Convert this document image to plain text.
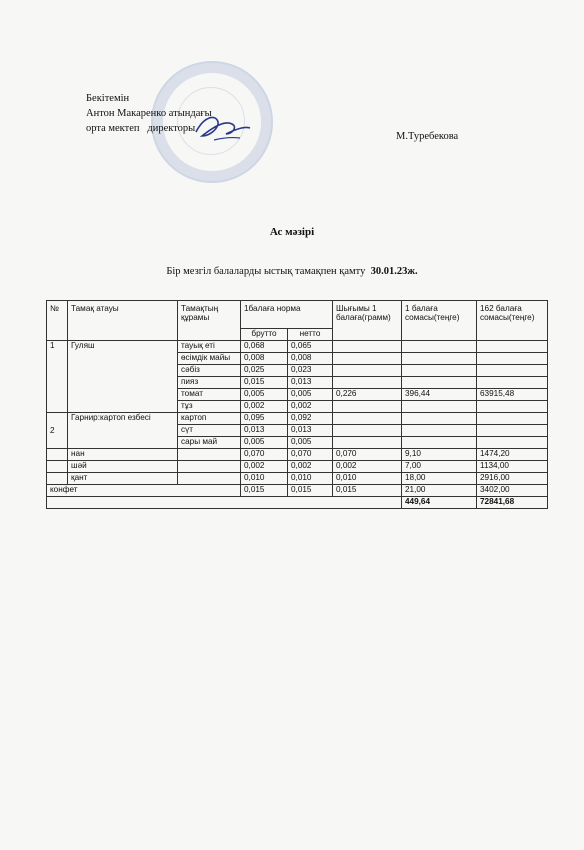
Бекітемін
Антон Макаренко атындағы
орта мектеп директоры
М.Туребекова
Ас мәзірі
Бір мезгіл балаларды ыстық тамақпен қамту 30.01.23ж.
№	Тамақ атауы	Тамақтың құрамы	1балаға норма		Шығымы 1 балаға(грамм)	1 балаға сомасы(теңге)	162 балаға сомасы(теңге)
			брутто	нетто			
1	Гуляш	тауық еті	0,068	0,065			
		өсімдік майы	0,008	0,008			
		сәбіз	0,025	0,023			
		пияз	0,015	0,013			
		томат	0,005	0,005	0,226	396,44	63915,48
		тұз	0,002	0,002			
2	Гарнир:картоп езбесі	картоп	0,095	0,092			
		сүт	0,013	0,013			
		сары май	0,005	0,005			
	нан		0,070	0,070	0,070	9,10	1474,20
	шәй		0,002	0,002	0,002	7,00	1134,00
	қант		0,010	0,010	0,010	18,00	2916,00
конфет			0,015	0,015	0,015	21,00	3402,00
						449,64	72841,68
